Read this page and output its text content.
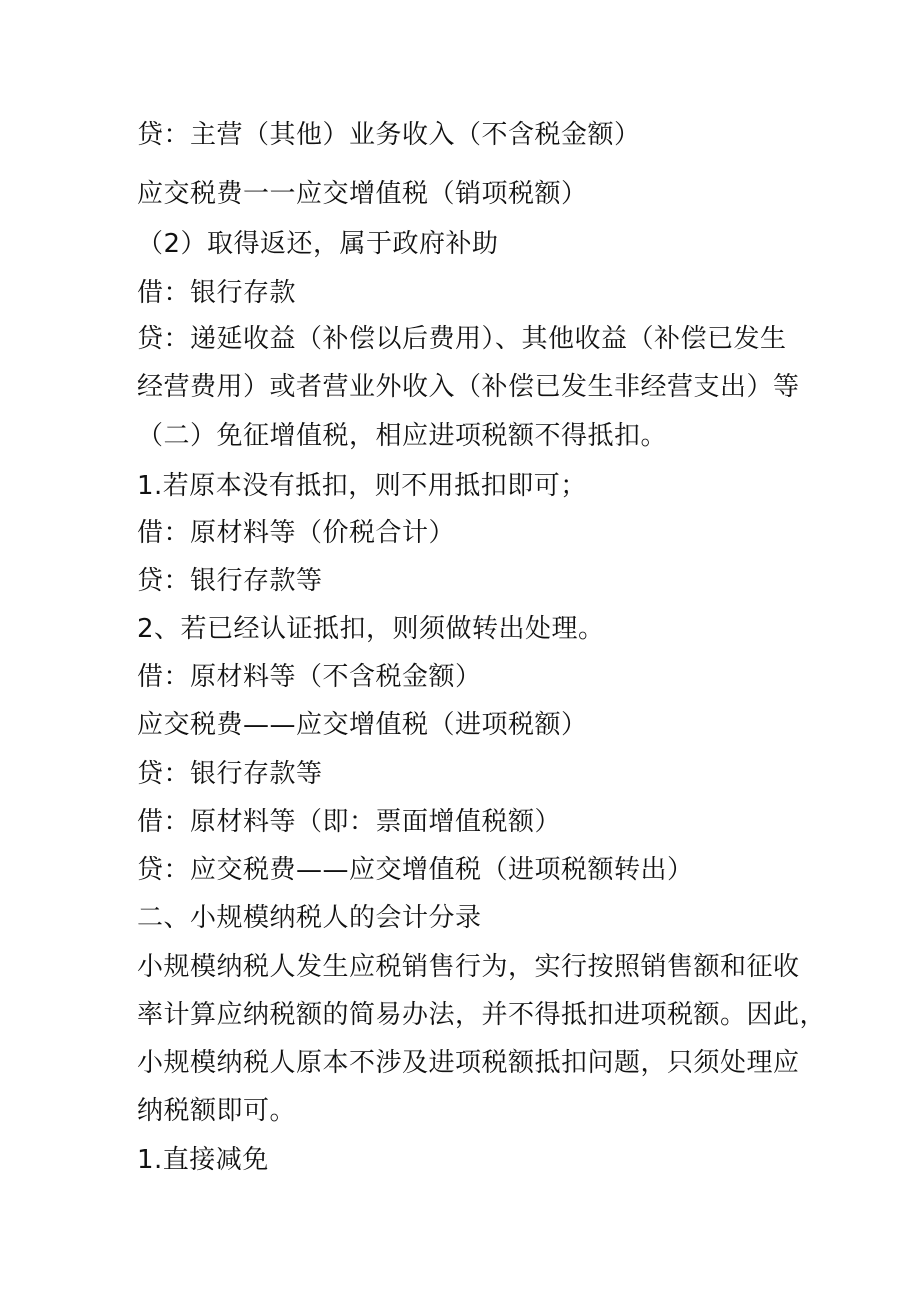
贷：主营（其他）业务收入（不含税金额）

应交税费一一应交增值税（销项税额）

（2）取得返还，属于政府补助

借：银行存款

贷：递延收益（补偿以后费用）、其他收益（补偿已发生

经营费用）或者营业外收入（补偿已发生非经营支出）等

（二）免征增值税，相应进项税额不得抵扣。

1.若原本没有抵扣，则不用抵扣即可；

借：原材料等（价税合计）

贷：银行存款等

2、若已经认证抵扣，则须做转出处理。

借：原材料等（不含税金额）

应交税费——应交增值税（进项税额）

贷：银行存款等

借：原材料等（即：票面增值税额）

贷：应交税费——应交增值税（进项税额转出）

二、小规模纳税人的会计分录

小规模纳税人发生应税销售行为，实行按照销售额和征收

率计算应纳税额的简易办法，并不得抵扣进项税额。因此，

小规模纳税人原本不涉及进项税额抵扣问题，只须处理应

纳税额即可。

1.直接减免
